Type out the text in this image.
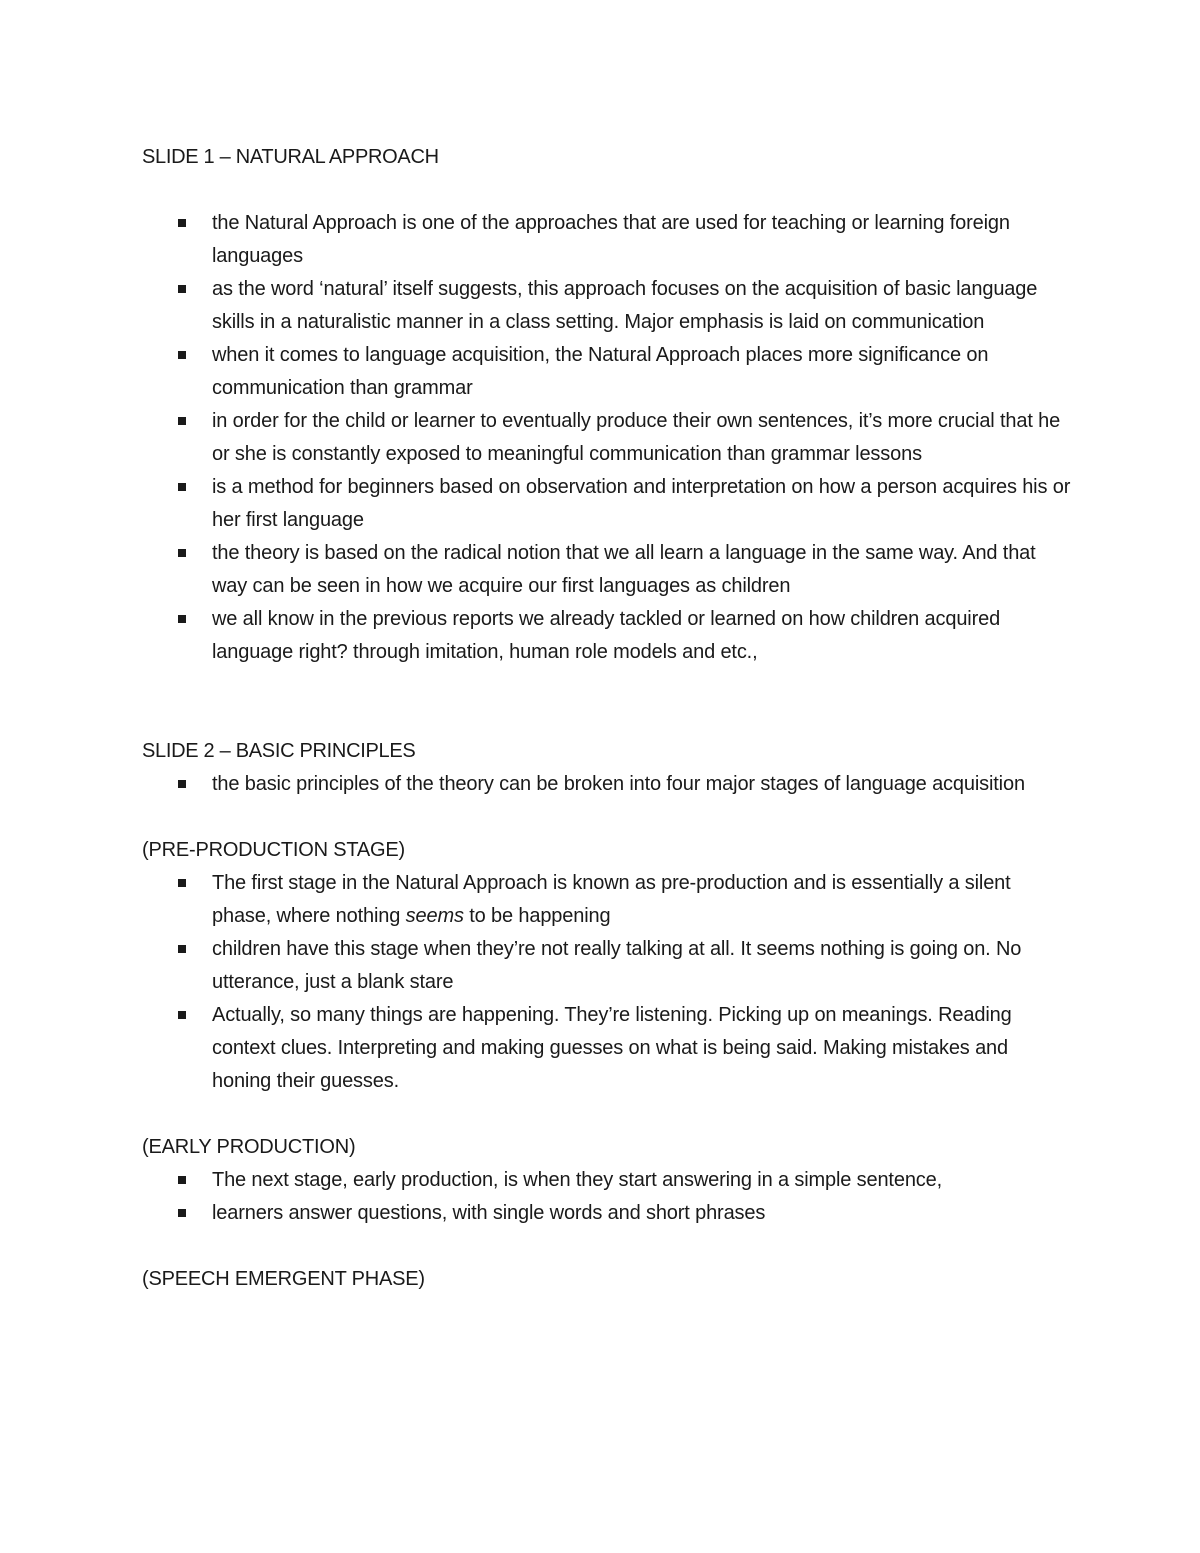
SLIDE 1 – NATURAL APPROACH

the Natural Approach is one of the approaches that are used for teaching or learning foreign languages
as the word ‘natural’ itself suggests, this approach focuses on the acquisition of basic language skills in a naturalistic manner in a class setting. Major emphasis is laid on communication
when it comes to language acquisition, the Natural Approach places more significance on communication than grammar
in order for the child or learner to eventually produce their own sentences, it’s more crucial that he or she is constantly exposed to meaningful communication than grammar lessons
is a method for beginners based on observation and interpretation on how a person acquires his or her first language
the theory is based on the radical notion that we all learn a language in the same way. And that way can be seen in how we acquire our first languages as children
we all know in the previous reports we already tackled or learned on how children acquired language right? through imitation, human role models and etc.,

SLIDE 2 – BASIC PRINCIPLES

the basic principles of the theory can be broken into four major stages of language acquisition

(PRE-PRODUCTION STAGE)

The first stage in the Natural Approach is known as pre-production and is essentially a silent phase, where nothing seems to be happening
children have this stage when they’re not really talking at all. It seems nothing is going on. No utterance, just a blank stare
Actually, so many things are happening. They’re listening. Picking up on meanings. Reading context clues. Interpreting and making guesses on what is being said. Making mistakes and honing their guesses.

(EARLY PRODUCTION)

The next stage, early production, is when they start answering in a simple sentence,
learners answer questions, with single words and short phrases

(SPEECH EMERGENT PHASE)
